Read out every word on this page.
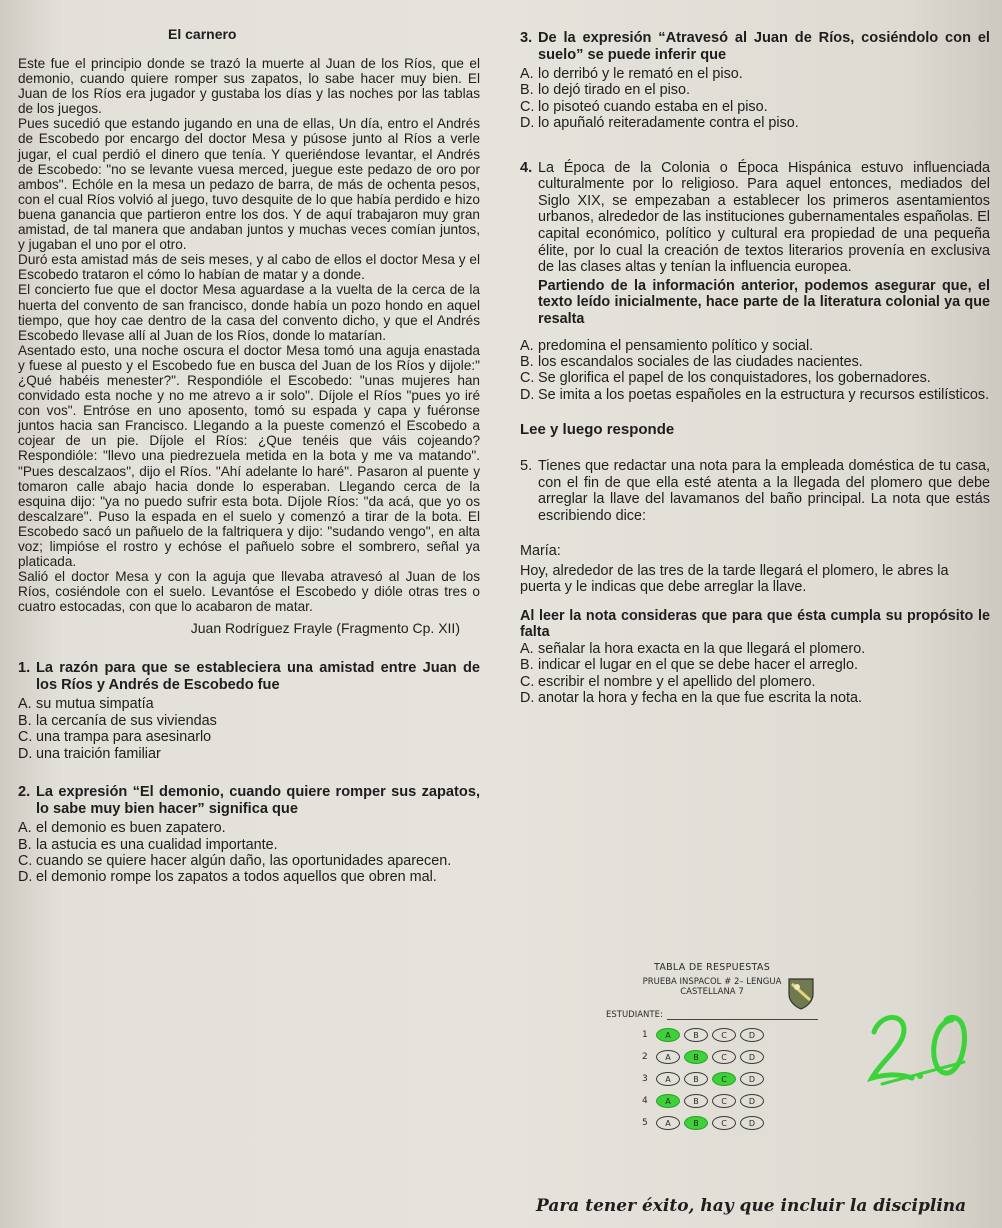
El carnero

Este fue el principio donde se trazó la muerte al Juan de los Ríos, que el demonio, cuando quiere romper sus zapatos, lo sabe hacer muy bien. El Juan de los Ríos era jugador y gustaba los días y las noches por las tablas de los juegos.

Pues sucedió que estando jugando en una de ellas, Un día, entro el Andrés de Escobedo por encargo del doctor Mesa y púsose junto al Ríos a verle jugar, el cual perdió el dinero que tenía. Y queriéndose levantar, el Andrés de Escobedo: "no se levante vuesa merced, juegue este pedazo de oro por ambos". Echóle en la mesa un pedazo de barra, de más de ochenta pesos, con el cual Ríos volvió al juego, tuvo desquite de lo que había perdido e hizo buena ganancia que partieron entre los dos. Y de aquí trabajaron muy gran amistad, de tal manera que andaban juntos y muchas veces comían juntos, y jugaban el uno por el otro.

Duró esta amistad más de seis meses, y al cabo de ellos el doctor Mesa y el Escobedo trataron el cómo lo habían de matar y a donde.

El concierto fue que el doctor Mesa aguardase a la vuelta de la cerca de la huerta del convento de san francisco, donde había un pozo hondo en aquel tiempo, que hoy cae dentro de la casa del convento dicho, y que el Andrés Escobedo llevase allí al Juan de los Ríos, donde lo matarían.

Asentado esto, una noche oscura el doctor Mesa tomó una aguja enastada y fuese al puesto y el Escobedo fue en busca del Juan de los Ríos y dijole:" ¿Qué habéis menester?". Respondióle el Escobedo: "unas mujeres han convidado esta noche y no me atrevo a ir solo". Díjole el Ríos "pues yo iré con vos". Entróse en uno aposento, tomó su espada y capa y fuéronse juntos hacia san Francisco. Llegando a la pueste comenzó el Escobedo a cojear de un pie. Díjole el Ríos: ¿Que tenéis que váis cojeando? Respondióle: "llevo una piedrezuela metida en la bota y me va matando". "Pues descalzaos", dijo el Ríos. "Ahí adelante lo haré". Pasaron al puente y tomaron calle abajo hacia donde lo esperaban. Llegando cerca de la esquina dijo: "ya no puedo sufrir esta bota. Díjole Ríos: "da acá, que yo os descalzare". Puso la espada en el suelo y comenzó a tirar de la bota. El Escobedo sacó un pañuelo de la faltriquera y dijo: "sudando vengo", en alta voz; limpióse el rostro y echóse el pañuelo sobre el sombrero, señal ya platicada.

Salió el doctor Mesa y con la aguja que llevaba atravesó al Juan de los Ríos, cosiéndole con el suelo. Levantóse el Escobedo y dióle otras tres o cuatro estocadas, con que lo acabaron de matar.

Juan Rodríguez Frayle (Fragmento Cp. XII)
1. La razón para que se estableciera una amistad entre Juan de los Ríos y Andrés de Escobedo fue
A. su mutua simpatía
B. la cercanía de sus viviendas
C. una trampa para asesinarlo
D. una traición familiar
2. La expresión “El demonio, cuando quiere romper sus zapatos, lo sabe muy bien hacer” significa que
A. el demonio es buen zapatero.
B. la astucia es una cualidad importante.
C. cuando se quiere hacer algún daño, las oportunidades aparecen.
D. el demonio rompe los zapatos a todos aquellos que obren mal.
3. De la expresión “Atravesó al Juan de Ríos, cosiéndolo con el suelo” se puede inferir que
A. lo derribó y le remató en el piso.
B. lo dejó tirado en el piso.
C. lo pisoteó cuando estaba en el piso.
D. lo apuñaló reiteradamente contra el piso.
4. La Época de la Colonia o Época Hispánica estuvo influenciada culturalmente por lo religioso. Para aquel entonces, mediados del Siglo XIX, se empezaban a establecer los primeros asentamientos urbanos, alrededor de las instituciones gubernamentales españolas. El capital económico, político y cultural era propiedad de una pequeña élite, por lo cual la creación de textos literarios provenía en exclusiva de las clases altas y tenían la influencia europea.
Partiendo de la información anterior, podemos asegurar que, el texto leído inicialmente, hace parte de la literatura colonial ya que resalta
A. predomina el pensamiento político y social.
B. los escandalos sociales de las ciudades nacientes.
C. Se glorifica el papel de los conquistadores, los gobernadores.
D. Se imita a los poetas españoles en la estructura y recursos estilísticos.
Lee y luego responde
5. Tienes que redactar una nota para la empleada doméstica de tu casa, con el fin de que ella esté atenta a la llegada del plomero que debe arreglar la llave del lavamanos del baño principal. La nota que estás escribiendo dice:
María:
Hoy, alrededor de las tres de la tarde llegará el plomero, le abres la puerta y le indicas que debe arreglar la llave.
Al leer la nota consideras que para que ésta cumpla su propósito le falta
A. señalar la hora exacta en la que llegará el plomero.
B. indicar el lugar en el que se debe hacer el arreglo.
C. escribir el nombre y el apellido del plomero.
D. anotar la hora y fecha en la que fue escrita la nota.
TABLA DE RESPUESTAS
PRUEBA INSPACOL # 2– LENGUA
CASTELLANA 7
ESTUDIANTE:
1	A	B	C	D
2	A	B	C	D
3	A	B	C	D
4	A	B	C	D
5	A	B	C	D
Para tener éxito, hay que incluir la disciplina
